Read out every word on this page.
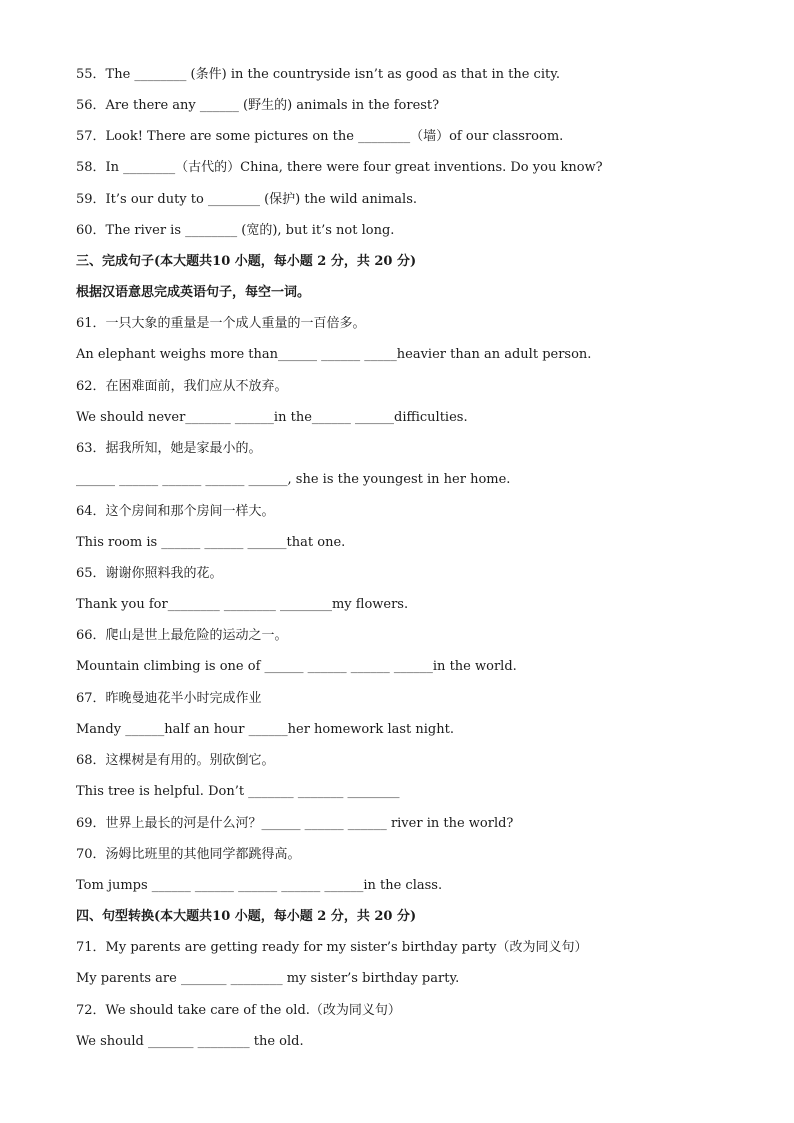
55．The ________ (条件) in the countryside isn’t as good as that in the city.
56．Are there any ______ (野生的) animals in the forest?
57．Look! There are some pictures on the ________（墙）of our classroom.
58．In ________（古代的）China, there were four great inventions. Do you know?
59．It’s our duty to ________ (保护) the wild animals.
60．The river is ________ (宽的), but it’s not long.
三、完成句子(本大题共10 小题，每小题 2 分，共 20 分)
根据汉语意思完成英语句子，每空一词。
61．一只大象的重量是一个成人重量的一百倍多。
An elephant weighs more than______ ______ _____heavier than an adult person.
62．在困难面前，我们应从不放弃。
We should never_______ ______in the______ ______difficulties.
63．据我所知，她是家最小的。
______ ______ ______ ______ ______, she is the youngest in her home.
64．这个房间和那个房间一样大。
This room is ______ ______ ______that one.
65．谢谢你照料我的花。
Thank you for________ ________ ________my flowers.
66．爬山是世上最危险的运动之一。
Mountain climbing is one of ______ ______ ______ ______in the world.
67．昨晚曼迪花半小时完成作业
Mandy ______half an hour ______her homework last night.
68．这棵树是有用的。别砍倒它。
This tree is helpful. Don’t _______ _______ ________
69．世界上最长的河是什么河？______ ______ ______ river in the world?
70．汤姆比班里的其他同学都跳得高。
Tom jumps ______ ______ ______ ______ ______in the class.
四、句型转换(本大题共10 小题，每小题 2 分，共 20 分)
71．My parents are getting ready for my sister’s birthday party（改为同义句）
My parents are _______ ________ my sister’s birthday party.
72．We should take care of the old.（改为同义句）
We should _______ ________ the old.
